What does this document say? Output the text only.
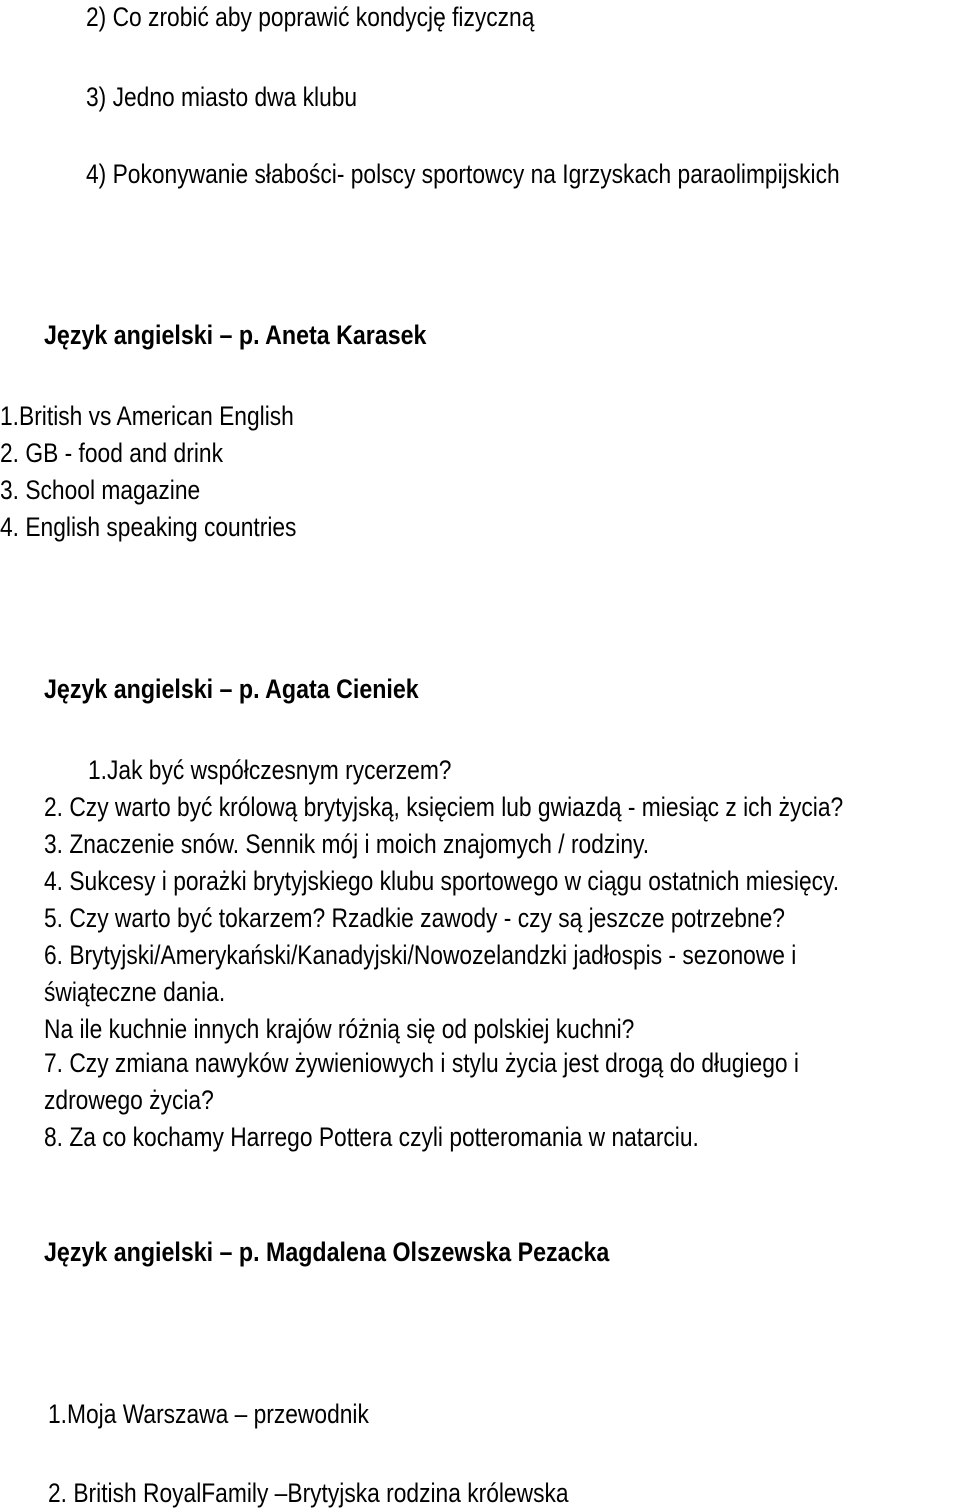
2) Co zrobić aby poprawić kondycję fizyczną
3) Jedno miasto dwa klubu
4) Pokonywanie słabości- polscy sportowcy na Igrzyskach paraolimpijskich
Język angielski – p. Aneta Karasek
1.British vs American English
2. GB - food and drink
3. School magazine
4. English speaking countries
Język angielski – p. Agata Cieniek
1.Jak być współczesnym rycerzem?
2. Czy warto być królową brytyjską, księciem lub gwiazdą - miesiąc z ich życia?
3. Znaczenie snów. Sennik mój i moich znajomych / rodziny.
4. Sukcesy i porażki brytyjskiego klubu sportowego w ciągu ostatnich miesięcy.
5. Czy warto być tokarzem? Rzadkie zawody - czy są jeszcze potrzebne?
6. Brytyjski/Amerykański/Kanadyjski/Nowozelandzki jadłospis - sezonowe i
świąteczne dania.
Na ile kuchnie innych krajów różnią się od polskiej kuchni?
7. Czy zmiana nawyków żywieniowych i stylu życia jest drogą do długiego i
zdrowego życia?
8. Za co kochamy Harrego Pottera czyli potteromania w natarciu.
Język angielski – p. Magdalena Olszewska Pezacka
1.Moja Warszawa – przewodnik
2. British RoyalFamily –Brytyjska rodzina królewska
